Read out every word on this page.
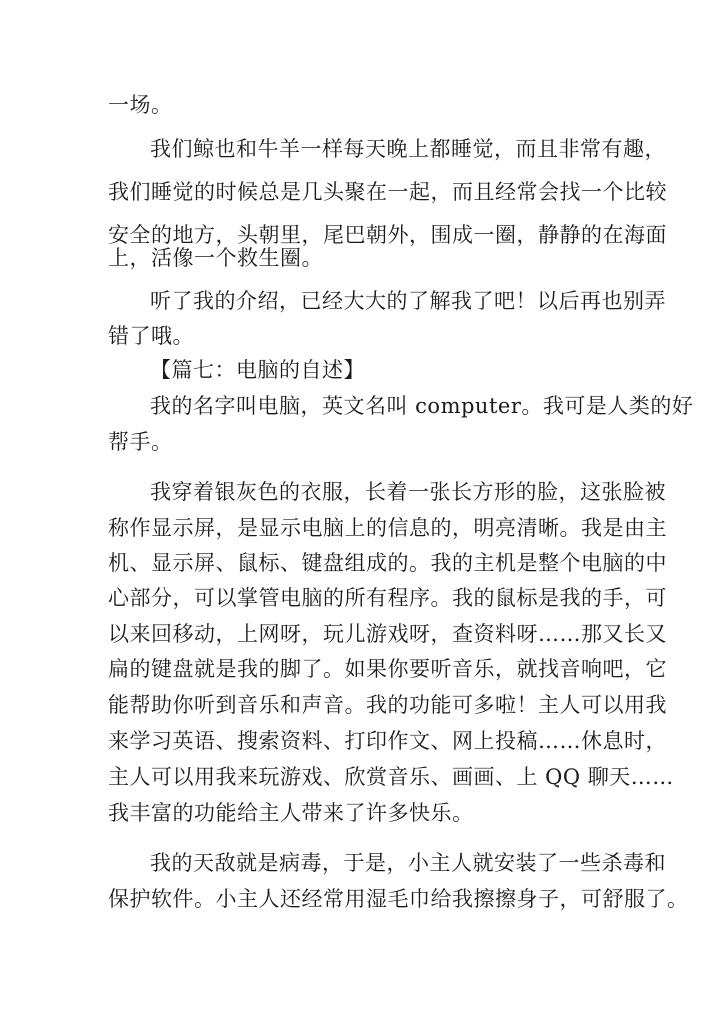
一场。
我们鲸也和牛羊一样每天晚上都睡觉，而且非常有趣，
我们睡觉的时候总是几头聚在一起，而且经常会找一个比较
安全的地方，头朝里，尾巴朝外，围成一圈，静静的在海面
上，活像一个救生圈。
听了我的介绍，已经大大的了解我了吧！以后再也别弄
错了哦。
【篇七：电脑的自述】
我的名字叫电脑，英文名叫 computer。我可是人类的好
帮手。
我穿着银灰色的衣服，长着一张长方形的脸，这张脸被
称作显示屏，是显示电脑上的信息的，明亮清晰。我是由主
机、显示屏、鼠标、键盘组成的。我的主机是整个电脑的中
心部分，可以掌管电脑的所有程序。我的鼠标是我的手，可
以来回移动，上网呀，玩儿游戏呀，查资料呀……那又长又
扁的键盘就是我的脚了。如果你要听音乐，就找音响吧，它
能帮助你听到音乐和声音。我的功能可多啦！主人可以用我
来学习英语、搜索资料、打印作文、网上投稿……休息时，
主人可以用我来玩游戏、欣赏音乐、画画、上 QQ 聊天……
我丰富的功能给主人带来了许多快乐。
我的天敌就是病毒，于是，小主人就安装了一些杀毒和
保护软件。小主人还经常用湿毛巾给我擦擦身子，可舒服了。
